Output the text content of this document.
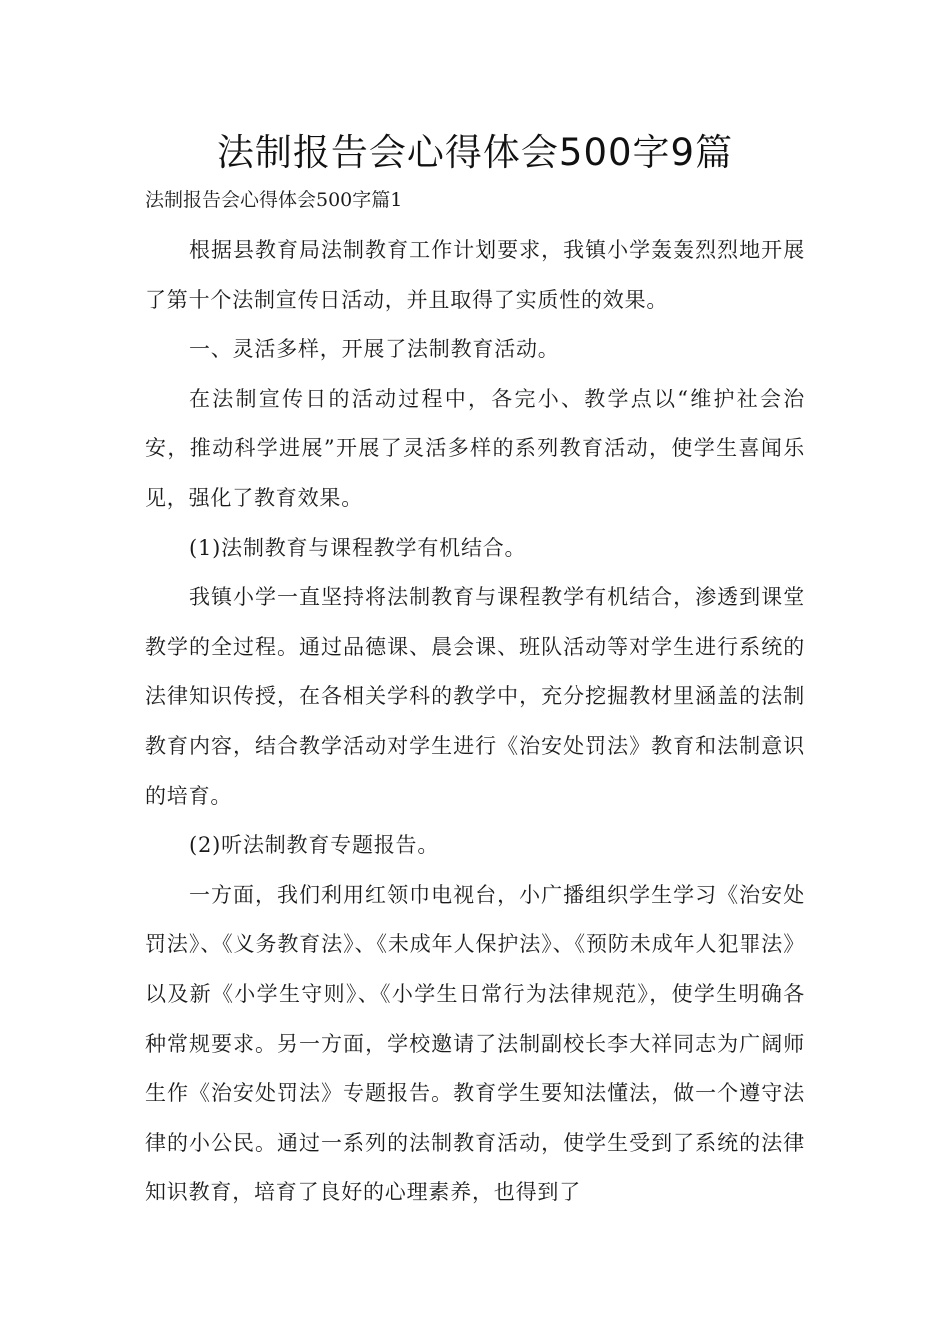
法制报告会心得体会500字9篇
法制报告会心得体会500字篇1

根据县教育局法制教育工作计划要求，我镇小学轰轰烈烈地开展了第十个法制宣传日活动，并且取得了实质性的效果。

一、灵活多样，开展了法制教育活动。

在法制宣传日的活动过程中，各完小、教学点以“维护社会治安，推动科学进展”开展了灵活多样的系列教育活动，使学生喜闻乐见，强化了教育效果。

(1)法制教育与课程教学有机结合。

我镇小学一直坚持将法制教育与课程教学有机结合，渗透到课堂教学的全过程。通过品德课、晨会课、班队活动等对学生进行系统的法律知识传授，在各相关学科的教学中，充分挖掘教材里涵盖的法制教育内容，结合教学活动对学生进行《治安处罚法》教育和法制意识的培育。

(2)听法制教育专题报告。

一方面，我们利用红领巾电视台，小广播组织学生学习《治安处罚法》、《义务教育法》、《未成年人保护法》、《预防未成年人犯罪法》以及新《小学生守则》、《小学生日常行为法律规范》，使学生明确各种常规要求。另一方面，学校邀请了法制副校长李大祥同志为广阔师生作《治安处罚法》专题报告。教育学生要知法懂法，做一个遵守法律的小公民。通过一系列的法制教育活动，使学生受到了系统的法律知识教育，培育了良好的心理素养，也得到了
